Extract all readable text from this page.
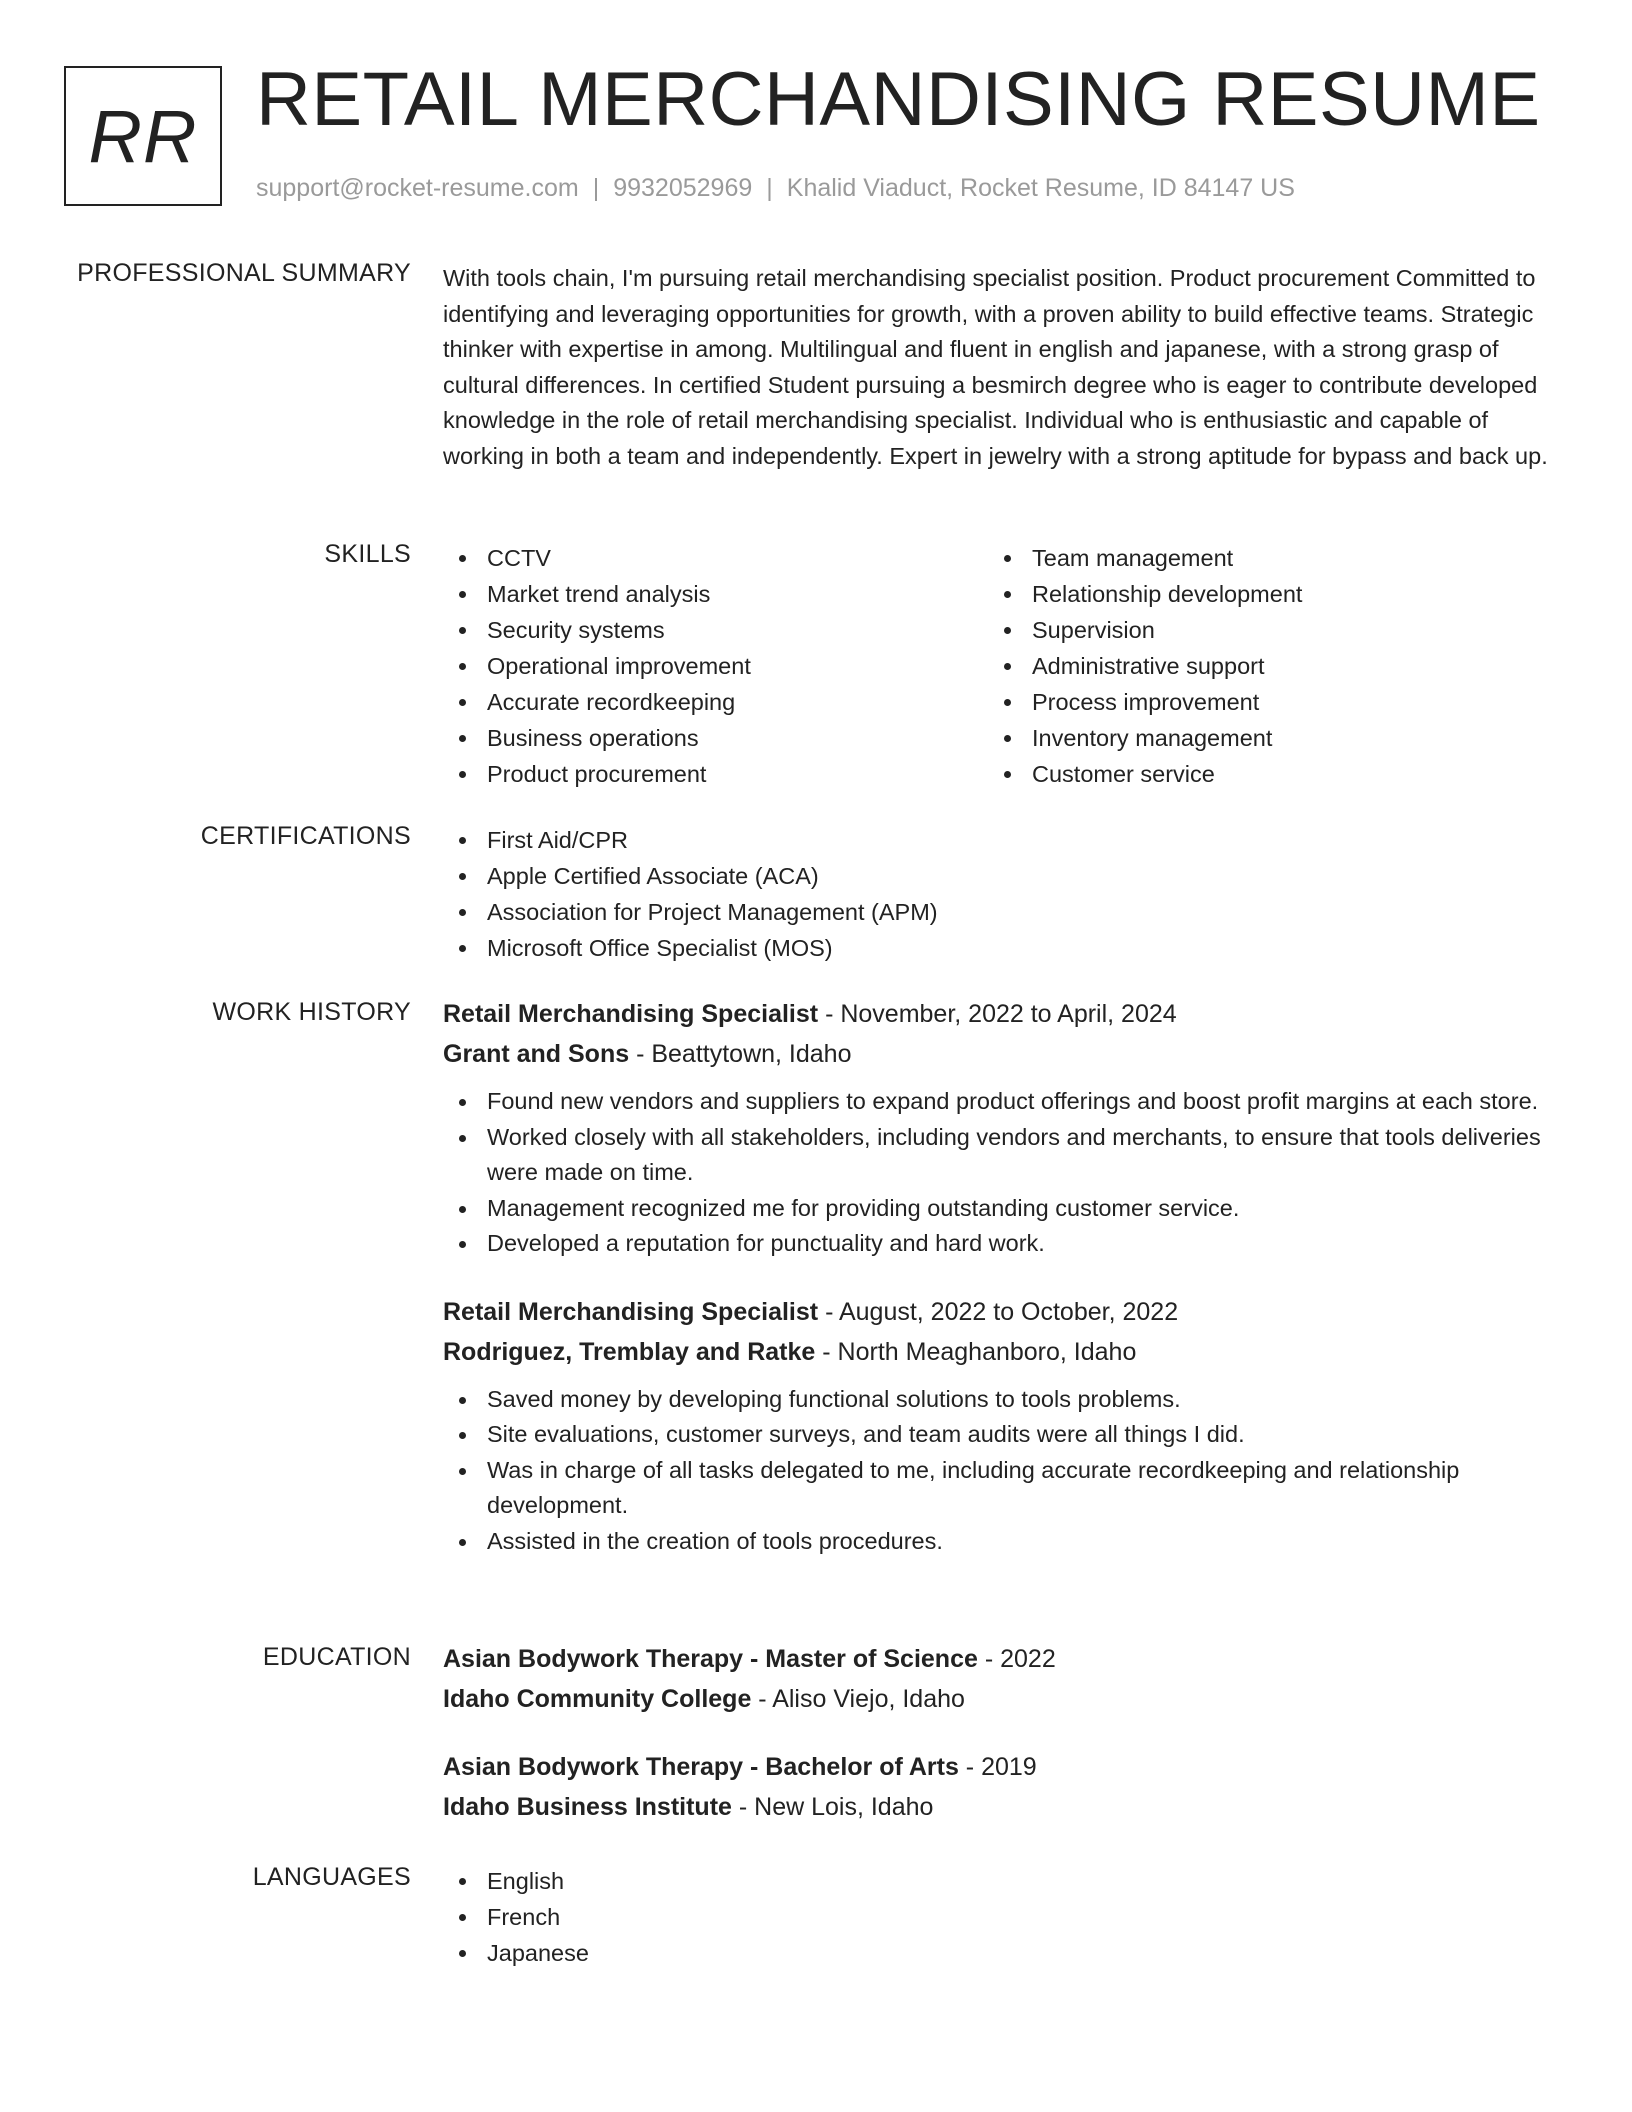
RR RETAIL MERCHANDISING RESUME
support@rocket-resume.com | 9932052969 | Khalid Viaduct, Rocket Resume, ID 84147 US
PROFESSIONAL SUMMARY With tools chain, I'm pursuing retail merchandising specialist position. Product procurement Committed to identifying and leveraging opportunities for growth, with a proven ability to build effective teams. Strategic thinker with expertise in among. Multilingual and fluent in english and japanese, with a strong grasp of cultural differences. In certified Student pursuing a besmirch degree who is eager to contribute developed knowledge in the role of retail merchandising specialist. Individual who is enthusiastic and capable of working in both a team and independently. Expert in jewelry with a strong aptitude for bypass and back up.

SKILLS	CCTV
Market trend analysis
Security systems
Operational improvement
Accurate recordkeeping
Business operations
Product procurement
Team management
Relationship development
Supervision
Administrative support
Process improvement
Inventory management
Customer service
CERTIFICATIONS	First Aid/CPR
Apple Certified Associate (ACA)
Association for Project Management (APM)
Microsoft Office Specialist (MOS)
WORK HISTORY Retail Merchandising Specialist - November, 2022 to April, 2024
Grant and Sons - Beattytown, Idaho
Found new vendors and suppliers to expand product offerings and boost profit margins at each store.
Worked closely with all stakeholders, including vendors and merchants, to ensure that tools deliveries were made on time.
Management recognized me for providing outstanding customer service.
Developed a reputation for punctuality and hard work.
Retail Merchandising Specialist - August, 2022 to October, 2022
Rodriguez, Tremblay and Ratke - North Meaghanboro, Idaho
Saved money by developing functional solutions to tools problems.
Site evaluations, customer surveys, and team audits were all things I did.
Was in charge of all tasks delegated to me, including accurate recordkeeping and relationship development.
Assisted in the creation of tools procedures.
EDUCATION Asian Bodywork Therapy - Master of Science - 2022
Idaho Community College - Aliso Viejo, Idaho
Asian Bodywork Therapy - Bachelor of Arts - 2019
Idaho Business Institute - New Lois, Idaho
LANGUAGES	English
French
Japanese
